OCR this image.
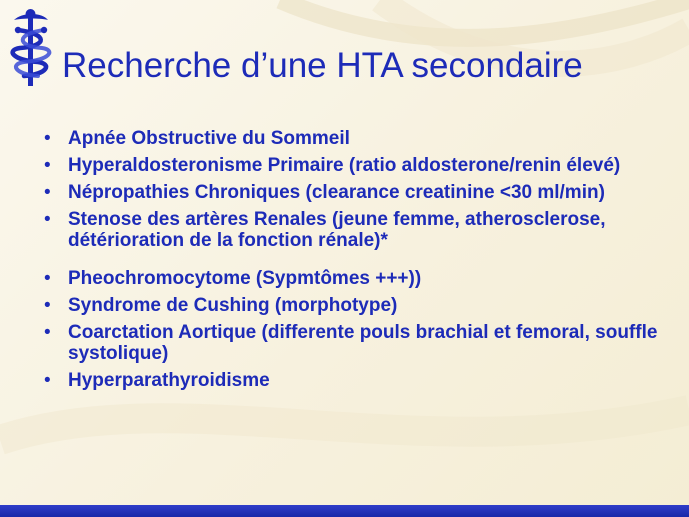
Recherche d’une HTA secondaire
• Apnée Obstructive du Sommeil
• Hyperaldosteronisme Primaire (ratio aldosterone/renin élevé)
• Népropathies Chroniques (clearance creatinine <30 ml/min)
• Stenose des artères Renales (jeune femme, atherosclerose, détérioration de la fonction rénale)*
• Pheochromocytome (Sypmtômes +++))
• Syndrome de Cushing (morphotype)
• Coarctation Aortique (differente pouls brachial et femoral, souffle systolique)
• Hyperparathyroidisme
